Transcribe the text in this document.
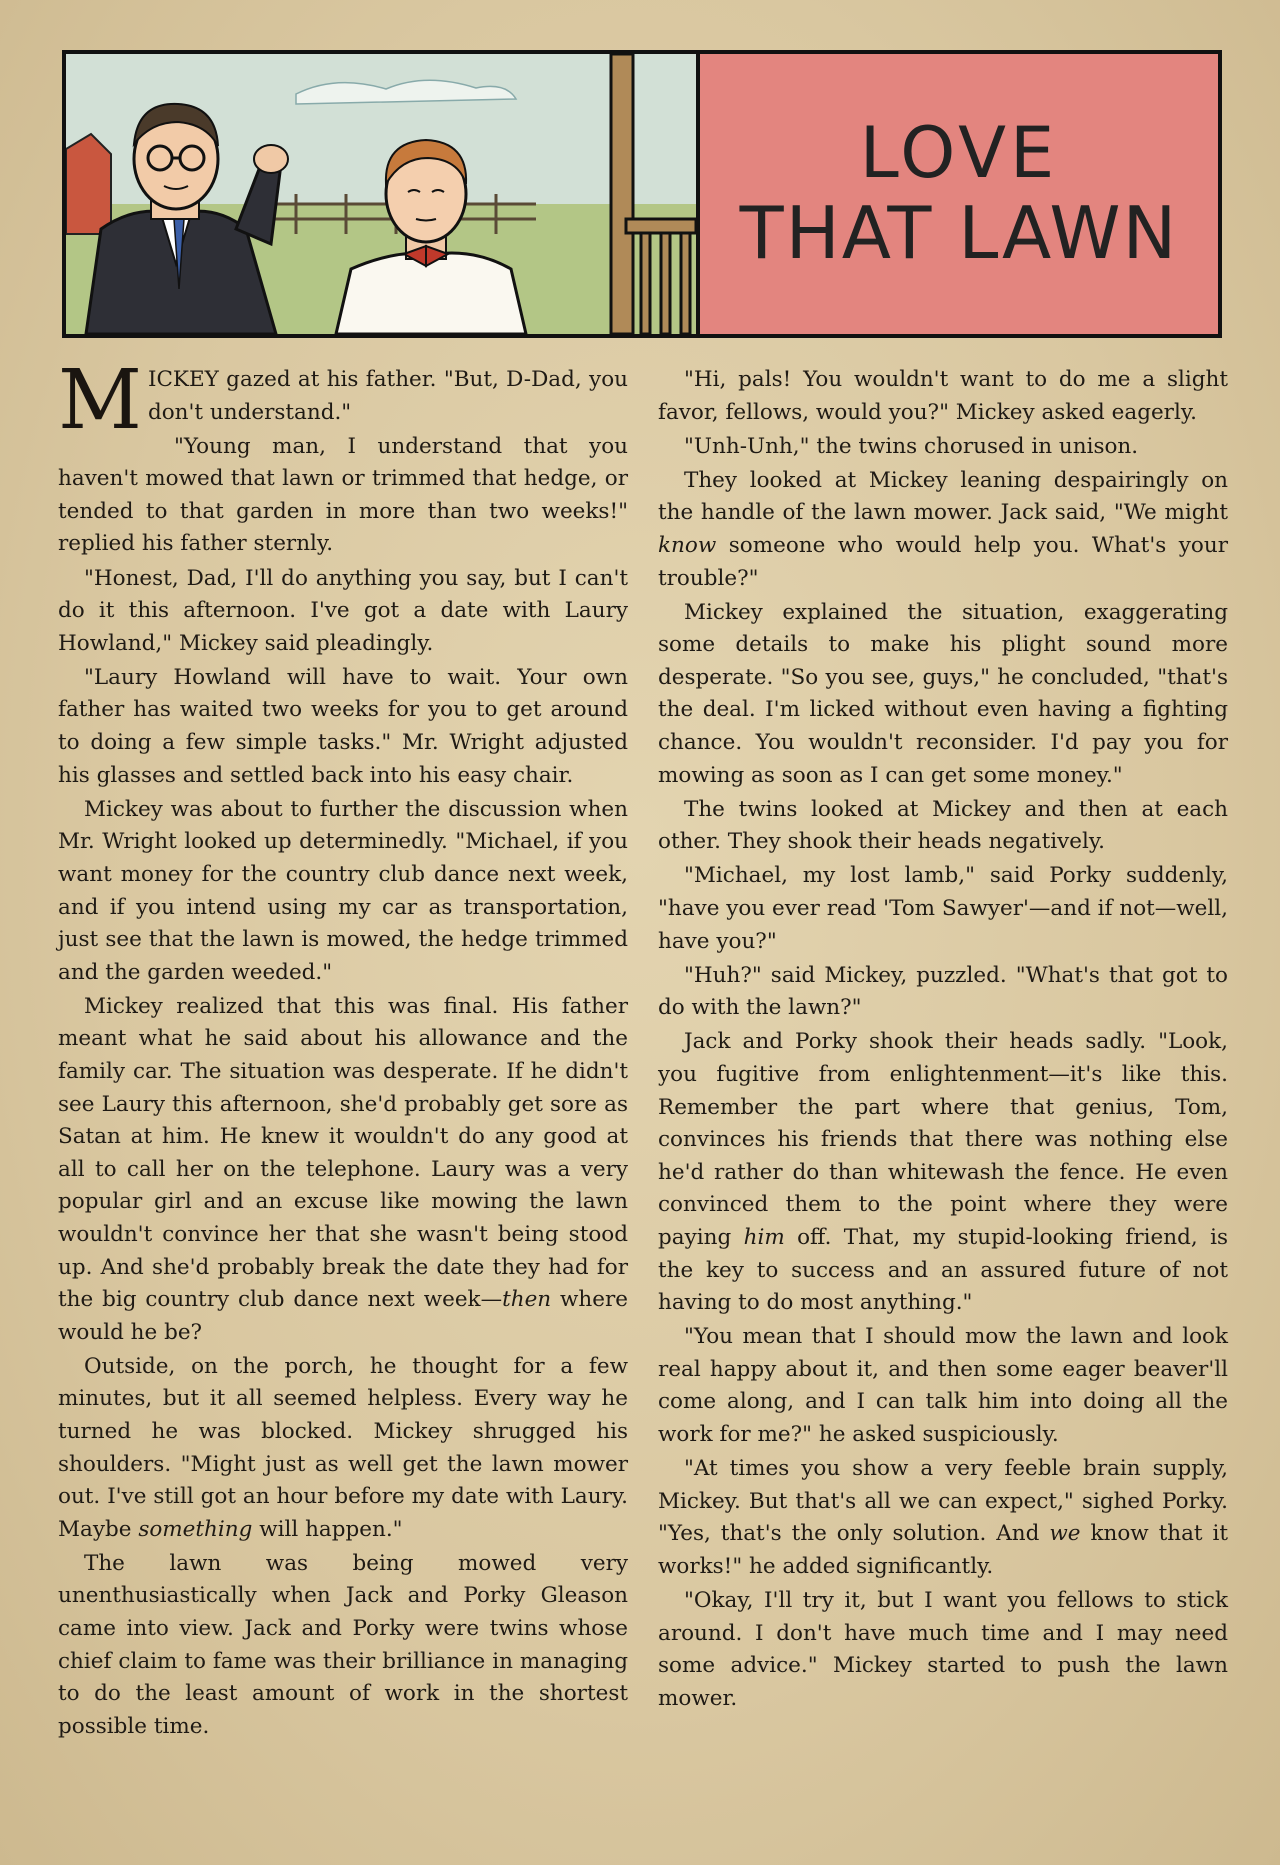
LOVE
THAT LAWN

MICKEY gazed at his father. "But, D-Dad, you don't understand."

"Young man, I understand that you haven't mowed that lawn or trimmed that hedge, or tended to that garden in more than two weeks!" replied his father sternly.

"Honest, Dad, I'll do anything you say, but I can't do it this afternoon. I've got a date with Laury Howland," Mickey said pleadingly.

"Laury Howland will have to wait. Your own father has waited two weeks for you to get around to doing a few simple tasks." Mr. Wright adjusted his glasses and settled back into his easy chair.

Mickey was about to further the discussion when Mr. Wright looked up determinedly. "Michael, if you want money for the country club dance next week, and if you intend using my car as transportation, just see that the lawn is mowed, the hedge trimmed and the garden weeded."

Mickey realized that this was final. His father meant what he said about his allowance and the family car. The situation was desperate. If he didn't see Laury this afternoon, she'd probably get sore as Satan at him. He knew it wouldn't do any good at all to call her on the telephone. Laury was a very popular girl and an excuse like mowing the lawn wouldn't convince her that she wasn't being stood up. And she'd probably break the date they had for the big country club dance next week—then where would he be?

Outside, on the porch, he thought for a few minutes, but it all seemed helpless. Every way he turned he was blocked. Mickey shrugged his shoulders. "Might just as well get the lawn mower out. I've still got an hour before my date with Laury. Maybe something will happen."

The lawn was being mowed very unenthusiastically when Jack and Porky Gleason came into view. Jack and Porky were twins whose chief claim to fame was their brilliance in managing to do the least amount of work in the shortest possible time.

"Hi, pals! You wouldn't want to do me a slight favor, fellows, would you?" Mickey asked eagerly.

"Unh-Unh," the twins chorused in unison.

They looked at Mickey leaning despairingly on the handle of the lawn mower. Jack said, "We might know someone who would help you. What's your trouble?"

Mickey explained the situation, exaggerating some details to make his plight sound more desperate. "So you see, guys," he concluded, "that's the deal. I'm licked without even having a fighting chance. You wouldn't reconsider. I'd pay you for mowing as soon as I can get some money."

The twins looked at Mickey and then at each other. They shook their heads negatively.

"Michael, my lost lamb," said Porky suddenly, "have you ever read 'Tom Sawyer'—and if not—well, have you?"

"Huh?" said Mickey, puzzled. "What's that got to do with the lawn?"

Jack and Porky shook their heads sadly. "Look, you fugitive from enlightenment—it's like this. Remember the part where that genius, Tom, convinces his friends that there was nothing else he'd rather do than whitewash the fence. He even convinced them to the point where they were paying him off. That, my stupid-looking friend, is the key to success and an assured future of not having to do most anything."

"You mean that I should mow the lawn and look real happy about it, and then some eager beaver'll come along, and I can talk him into doing all the work for me?" he asked suspiciously.

"At times you show a very feeble brain supply, Mickey. But that's all we can expect," sighed Porky. "Yes, that's the only solution. And we know that it works!" he added significantly.

"Okay, I'll try it, but I want you fellows to stick around. I don't have much time and I may need some advice." Mickey started to push the lawn mower.
